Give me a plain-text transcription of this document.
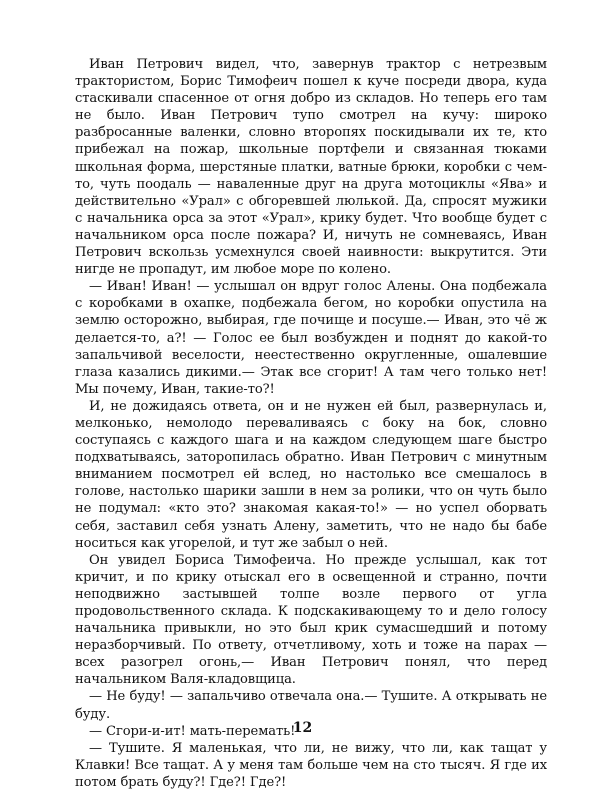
Иван Петрович видел, что, завернув трактор с нетрезвым трактористом, Борис Тимофеич пошел к куче посреди двора, куда стаскивали спасенное от огня добро из складов. Но теперь его там не было. Иван Петрович тупо смотрел на кучу: широко разбросанные валенки, словно второпях поскидывали их те, кто прибежал на пожар, школьные портфели и связанная тюками школьная форма, шерстяные платки, ватные брюки, коробки с чем-то, чуть поодаль — наваленные друг на друга мотоциклы «Ява» и действительно «Урал» с обгоревшей люлькой. Да, спросят мужики с начальника орса за этот «Урал», крику будет. Что вообще будет с начальником орса после пожара? И, ничуть не сомневаясь, Иван Петрович вскользь усмехнулся своей наивности: выкрутится. Эти нигде не пропадут, им любое море по колено.

— Иван! Иван! — услышал он вдруг голос Алены. Она подбежала с коробками в охапке, подбежала бегом, но коробки опустила на землю осторожно, выбирая, где почище и посуше.— Иван, это чё ж делается-то, а?! — Голос ее был возбужден и поднят до какой-то запальчивой веселости, неестественно округленные, ошалевшие глаза казались дикими.— Этак все сгорит! А там чего только нет! Мы почему, Иван, такие-то?!

И, не дожидаясь ответа, он и не нужен ей был, развернулась и, мелконько, немолодо переваливаясь с боку на бок, словно соступаясь с каждого шага и на каждом следующем шаге быстро подхватываясь, заторопилась обратно. Иван Петрович с минутным вниманием посмотрел ей вслед, но настолько все смешалось в голове, настолько шарики зашли в нем за ролики, что он чуть было не подумал: «кто это? знакомая какая-то!» — но успел оборвать себя, заставил себя узнать Алену, заметить, что не надо бы бабе носиться как угорелой, и тут же забыл о ней.

Он увидел Бориса Тимофеича. Но прежде услышал, как тот кричит, и по крику отыскал его в освещенной и странно, почти неподвижно застывшей толпе возле первого от угла продовольственного склада. К подскакивающему то и дело голосу начальника привыкли, но это был крик сумасшедший и потому неразборчивый. По ответу, отчетливому, хоть и тоже на парах — всех разогрел огонь,— Иван Петрович понял, что перед начальником Валя-кладовщица.

— Не буду! — запальчиво отвечала она.— Тушите. А открывать не буду.

— Сгори-и-ит! мать-перемать!

— Тушите. Я маленькая, что ли, не вижу, что ли, как тащат у Клавки! Все тащат. А у меня там больше чем на сто тысяч. Я где их потом брать буду?! Где?! Где?!

12
